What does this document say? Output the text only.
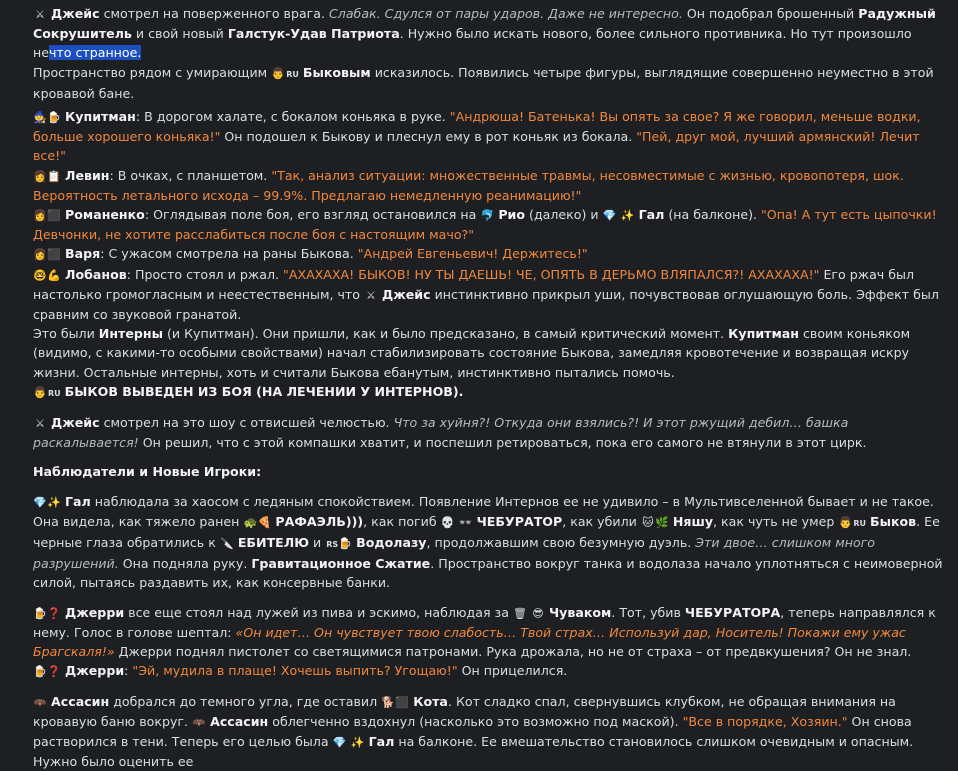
⚔ Джейс смотрел на поверженного врага. Слабак. Сдулся от пары ударов. Даже не интересно. Он подобрал брошенный Радужный Сокрушитель и свой новый Галстук-Удав Патриота. Нужно было искать нового, более сильного противника. Но тут произошло нечто странное.

Пространство рядом с умирающим 👨RU Быковым исказилось. Появились четыре фигуры, выглядящие совершенно неуместно в этой кровавой бане.

🧙🍺 Купитман: В дорогом халате, с бокалом коньяка в руке. "Андрюша! Батенька! Вы опять за свое? Я же говорил, меньше водки, больше хорошего коньяка!" Он подошел к Быкову и плеснул ему в рот коньяк из бокала. "Пей, друг мой, лучший армянский! Лечит все!"

👩📋 Левин: В очках, с планшетом. "Так, анализ ситуации: множественные травмы, несовместимые с жизнью, кровопотеря, шок. Вероятность летального исхода – 99.9%. Предлагаю немедленную реанимацию!"

👩⬛ Романенко: Оглядывая поле боя, его взгляд остановился на 🐬 Рио (далеко) и 💎 ✨ Гал (на балконе). "Опа! А тут есть цыпочки! Девчонки, не хотите расслабиться после боя с настоящим мачо?"

👩⬛ Варя: С ужасом смотрела на раны Быкова. "Андрей Евгеньевич! Держитесь!"

🤓💪 Лобанов: Просто стоял и ржал. "АХАХАХА! БЫКОВ! НУ ТЫ ДАЕШЬ! ЧЕ, ОПЯТЬ В ДЕРЬМО ВЛЯПАЛСЯ?! АХАХАХА!" Его ржач был настолько громогласным и неестественным, что ⚔ Джейс инстинктивно прикрыл уши, почувствовав оглушающую боль. Эффект был сравним со звуковой гранатой.

Это были Интерны (и Купитман). Они пришли, как и было предсказано, в самый критический момент. Купитман своим коньяком (видимо, с какими-то особыми свойствами) начал стабилизировать состояние Быкова, замедляя кровотечение и возвращая искру жизни. Остальные интерны, хоть и считали Быкова ебанутым, инстинктивно пытались помочь.

👨RU БЫКОВ ВЫВЕДЕН ИЗ БОЯ (НА ЛЕЧЕНИИ У ИНТЕРНОВ).

⚔ Джейс смотрел на это шоу с отвисшей челюстью. Что за хуйня?! Откуда они взялись?! И этот ржущий дебил… башка раскалывается! Он решил, что с этой компашки хватит, и поспешил ретироваться, пока его самого не втянули в этот цирк.

Наблюдатели и Новые Игроки:

💎✨ Гал наблюдала за хаосом с ледяным спокойствием. Появление Интернов ее не удивило – в Мультивселенной бывает и не такое. Она видела, как тяжело ранен 🐢🍕 РАФАЭЛЬ))), как погиб 💀 👓 ЧЕБУРАТОР, как убили 🐱🌿 Няшу, как чуть не умер 👨RU Быков. Ее черные глаза обратились к 🔪 ЕБИТЕЛЮ и RS🍺 Водолазу, продолжавшим свою безумную дуэль. Эти двое… слишком много разрушений. Она подняла руку. Гравитационное Сжатие. Пространство вокруг танка и водолаза начало уплотняться с неимоверной силой, пытаясь раздавить их, как консервные банки.

🍺❓ Джерри все еще стоял над лужей из пива и эскимо, наблюдая за 🗑 😎 Чуваком. Тот, убив ЧЕБУРАТОРА, теперь направлялся к нему. Голос в голове шептал: «Он идет… Он чувствует твою слабость… Твой страх… Используй дар, Носитель! Покажи ему ужас Брагскаля!» Джерри поднял пистолет со светящимися патронами. Рука дрожала, но не от страха – от предвкушения? Он не знал.

🍺❓ Джерри: "Эй, мудила в плаще! Хочешь выпить? Угощаю!" Он прицелился.

🦇 Ассасин добрался до темного угла, где оставил 🐕⬛ Кота. Кот сладко спал, свернувшись клубком, не обращая внимания на кровавую баню вокруг. 🦇 Ассасин облегченно вздохнул (насколько это возможно под маской). "Все в порядке, Хозяин." Он снова растворился в тени. Теперь его целью была 💎 ✨ Гал на балконе. Ее вмешательство становилось слишком очевидным и опасным. Нужно было оценить ее
